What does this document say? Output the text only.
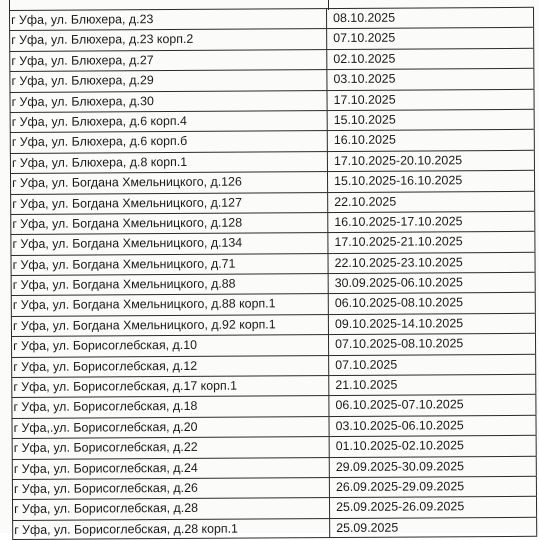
г Уфа, ул. Блюхера, д.23	08.10.2025
г Уфа, ул. Блюхера, д.23 корп.2	07.10.2025
г Уфа, ул. Блюхера, д.27	02.10.2025
г Уфа, ул. Блюхера, д.29	03.10.2025
г Уфа, ул. Блюхера, д.30	17.10.2025
г Уфа, ул. Блюхера, д.6 корп.4	15.10.2025
г Уфа, ул. Блюхера, д.6 корп.б	16.10.2025
г Уфа, ул. Блюхера, д.8 корп.1	17.10.2025-20.10.2025
г Уфа, ул. Богдана Хмельницкого, д.126	15.10.2025-16.10.2025
г Уфа, ул. Богдана Хмельницкого, д.127	22.10.2025
г Уфа, ул. Богдана Хмельницкого, д.128	16.10.2025-17.10.2025
г Уфа, ул. Богдана Хмельницкого, д.134	17.10.2025-21.10.2025
г Уфа, ул. Богдана Хмельницкого, д.71	22.10.2025-23.10.2025
г Уфа, ул. Богдана Хмельницкого, д.88	30.09.2025-06.10.2025
г Уфа, ул. Богдана Хмельницкого, д.88 корп.1	06.10.2025-08.10.2025
г Уфа, ул. Богдана Хмельницкого, д.92 корп.1	09.10.2025-14.10.2025
г Уфа, ул. Борисоглебская, д.10	07.10.2025-08.10.2025
г Уфа, ул. Борисоглебская, д.12	07.10.2025
г Уфа, ул. Борисоглебская, д.17 корп.1	21.10.2025
г Уфа, ул. Борисоглебская, д.18	06.10.2025-07.10.2025
г Уфа,.ул. Борисоглебская, д.20	03.10.2025-06.10.2025
г Уфа, ул. Борисоглебская, д.22	01.10.2025-02.10.2025
г Уфа, ул. Борисоглебская, д.24	29.09.2025-30.09.2025
г Уфа, ул. Борисоглебская, д.26	26.09.2025-29.09.2025
г Уфа, ул. Борисоглебская, д.28	25.09.2025-26.09.2025
г Уфа, ул. Борисоглебская, д.28 корп.1	25.09.2025
